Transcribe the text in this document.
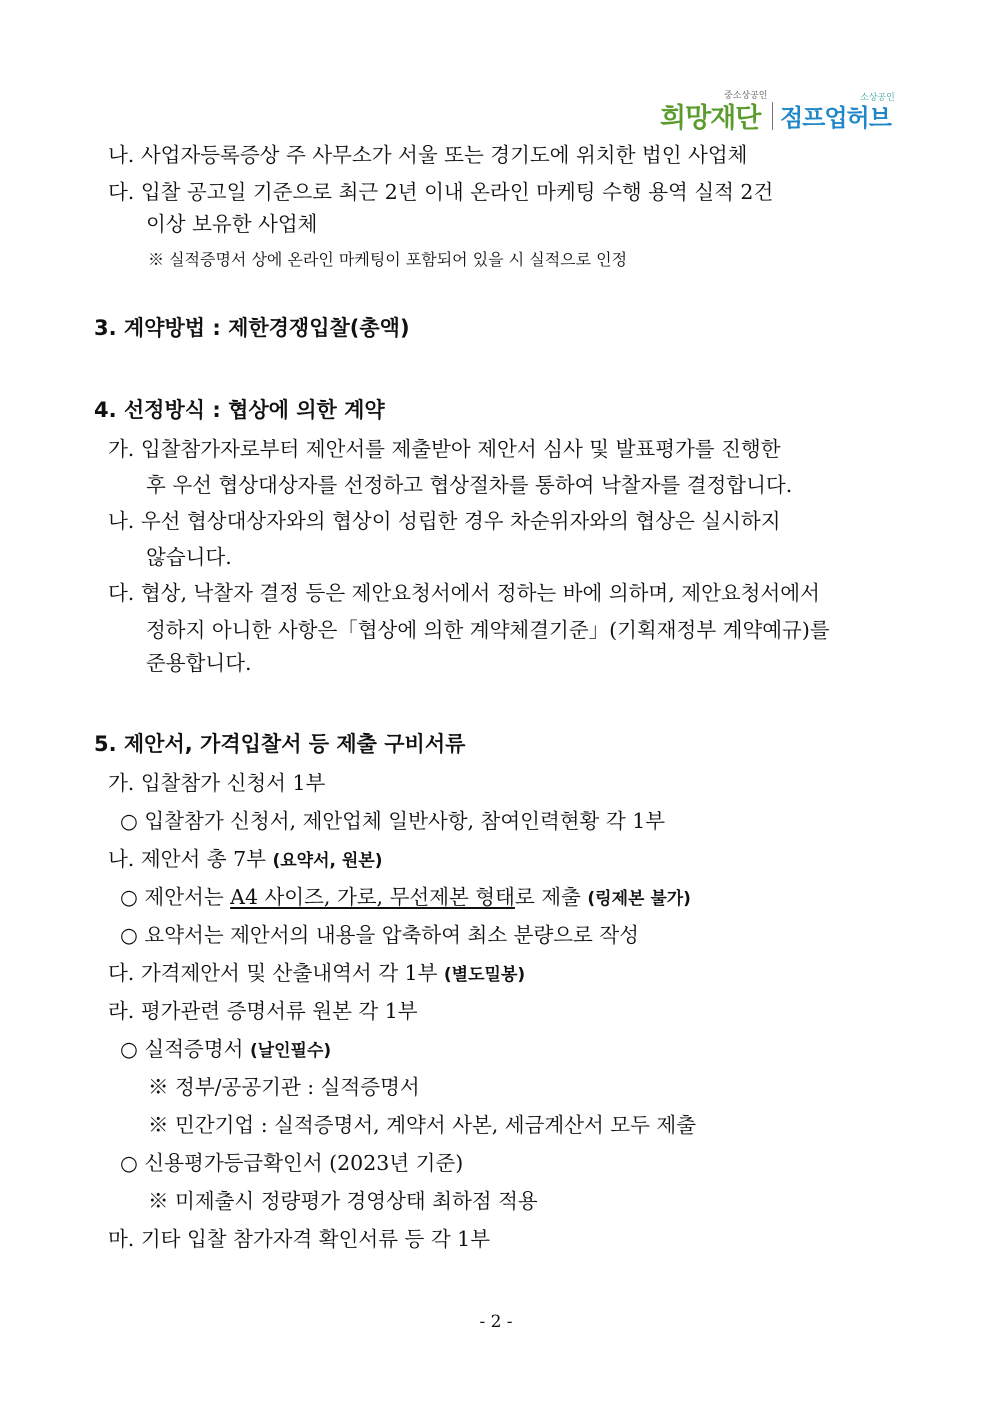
중소상공인
희망재단
소상공인
점프업허브
나. 사업자등록증상 주 사무소가 서울 또는 경기도에 위치한 법인 사업체
다. 입찰 공고일 기준으로 최근 2년 이내 온라인 마케팅 수행 용역 실적 2건
이상 보유한 사업체
※ 실적증명서 상에 온라인 마케팅이 포함되어 있을 시 실적으로 인정
3. 계약방법 : 제한경쟁입찰(총액)
4. 선정방식 : 협상에 의한 계약
가. 입찰참가자로부터 제안서를 제출받아 제안서 심사 및 발표평가를 진행한
후 우선 협상대상자를 선정하고 협상절차를 통하여 낙찰자를 결정합니다.
나. 우선 협상대상자와의 협상이 성립한 경우 차순위자와의 협상은 실시하지
않습니다.
다. 협상, 낙찰자 결정 등은 제안요청서에서 정하는 바에 의하며, 제안요청서에서
정하지 아니한 사항은「협상에 의한 계약체결기준」(기획재정부 계약예규)를
준용합니다.
5. 제안서, 가격입찰서 등 제출 구비서류
가. 입찰참가 신청서 1부
○ 입찰참가 신청서, 제안업체 일반사항, 참여인력현황 각 1부
나. 제안서 총 7부 (요약서, 원본)
○ 제안서는 A4 사이즈, 가로, 무선제본 형태로 제출 (링제본 불가)
○ 요약서는 제안서의 내용을 압축하여 최소 분량으로 작성
다. 가격제안서 및 산출내역서 각 1부 (별도밀봉)
라. 평가관련 증명서류 원본 각 1부
○ 실적증명서 (날인필수)
※ 정부/공공기관 : 실적증명서
※ 민간기업 : 실적증명서, 계약서 사본, 세금계산서 모두 제출
○ 신용평가등급확인서 (2023년 기준)
※ 미제출시 정량평가 경영상태 최하점 적용
마. 기타 입찰 참가자격 확인서류 등 각 1부
- 2 -
